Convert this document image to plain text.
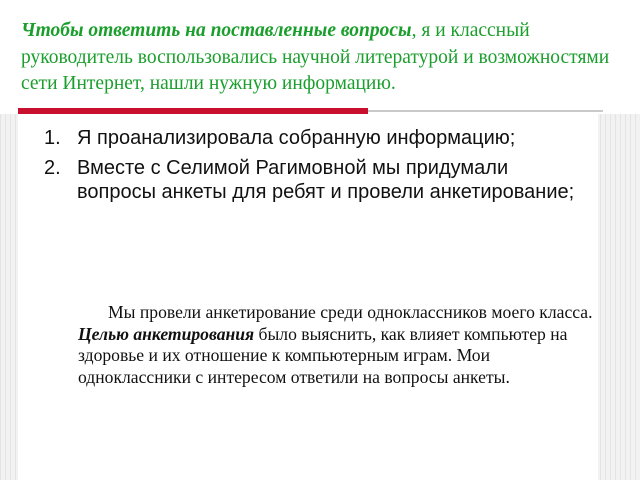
Чтобы ответить на поставленные вопросы, я и классный руководитель воспользовались научной литературой и возможностями сети Интернет, нашли нужную информацию.
1. Я проанализировала собранную информацию;
2. Вместе с Селимой Рагимовной мы придумали вопросы анкеты для ребят и провели анкетирование;
Мы провели анкетирование среди одноклассников моего класса. Целью анкетирования было выяснить, как влияет компьютер на здоровье и их отношение к компьютерным играм. Мои одноклассники с интересом ответили на вопросы анкеты.
